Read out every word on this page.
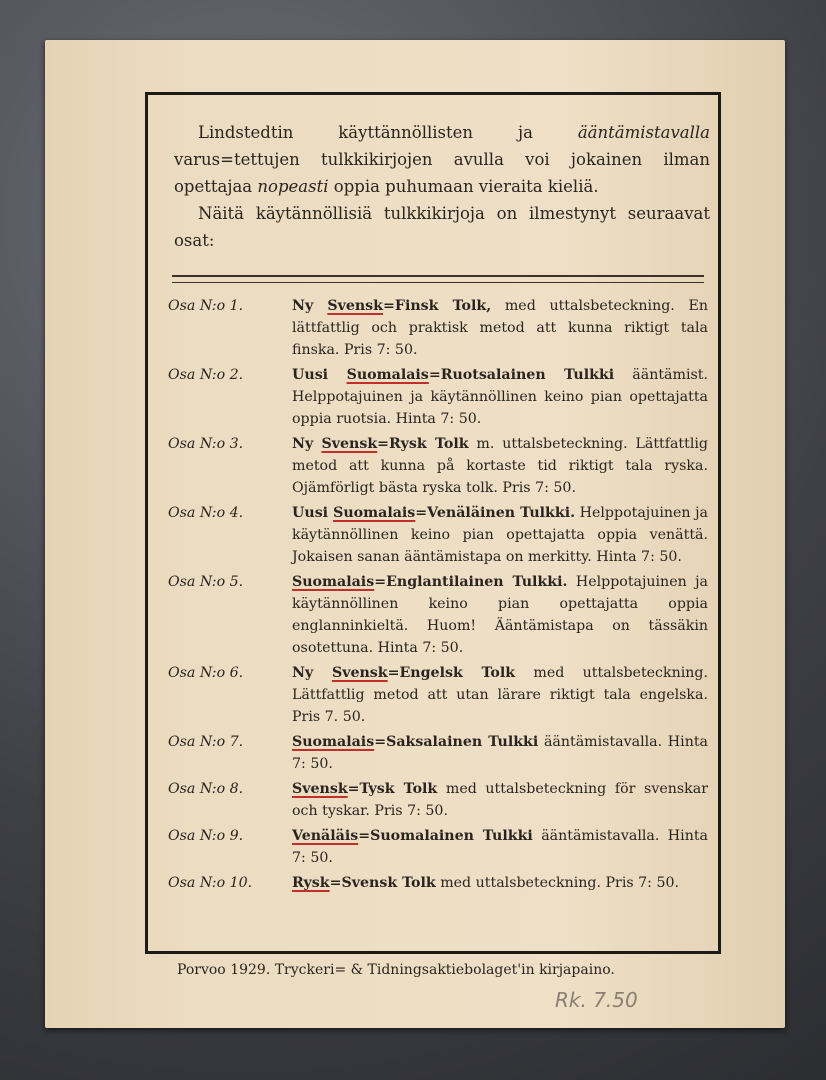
Lindstedtin käyttännöllisten ja ääntämistavalla varus=tettujen tulkkikirjojen avulla voi jokainen ilman opettajaa nopeasti oppia puhumaan vieraita kieliä.

Näitä käytännöllisiä tulkkikirjoja on ilmestynyt seuraavat osat:

Osa N:o 1.	Ny Svensk=Finsk Tolk, med uttalsbeteckning. En lättfattlig och praktisk metod att kunna riktigt tala finska. Pris 7: 50.
Osa N:o 2.	Uusi Suomalais=Ruotsalainen Tulkki ääntämist. Helppotajuinen ja käytännöllinen keino pian opettajatta oppia ruotsia. Hinta 7: 50.
Osa N:o 3.	Ny Svensk=Rysk Tolk m. uttalsbeteckning. Lättfattlig metod att kunna på kortaste tid riktigt tala ryska. Ojämförligt bästa ryska tolk. Pris 7: 50.
Osa N:o 4.	Uusi Suomalais=Venäläinen Tulkki. Helppotajuinen ja käytännöllinen keino pian opettajatta oppia venättä. Jokaisen sanan ääntämistapa on merkitty. Hinta 7: 50.
Osa N:o 5.	Suomalais=Englantilainen Tulkki. Helppotajuinen ja käytännöllinen keino pian opettajatta oppia englanninkieltä. Huom! Ääntämistapa on tässäkin osotettuna. Hinta 7: 50.
Osa N:o 6.	Ny Svensk=Engelsk Tolk med uttalsbeteckning. Lättfattlig metod att utan lärare riktigt tala engelska. Pris 7. 50.
Osa N:o 7.	Suomalais=Saksalainen Tulkki ääntämistavalla. Hinta 7: 50.
Osa N:o 8.	Svensk=Tysk Tolk med uttalsbeteckning för svenskar och tyskar. Pris 7: 50.
Osa N:o 9.	Venäläis=Suomalainen Tulkki ääntämistavalla. Hinta 7: 50.
Osa N:o 10.	Rysk=Svensk Tolk med uttalsbeteckning. Pris 7: 50.
Porvoo 1929. Tryckeri= & Tidningsaktiebolaget'in kirjapaino.
Rk. 7.50
